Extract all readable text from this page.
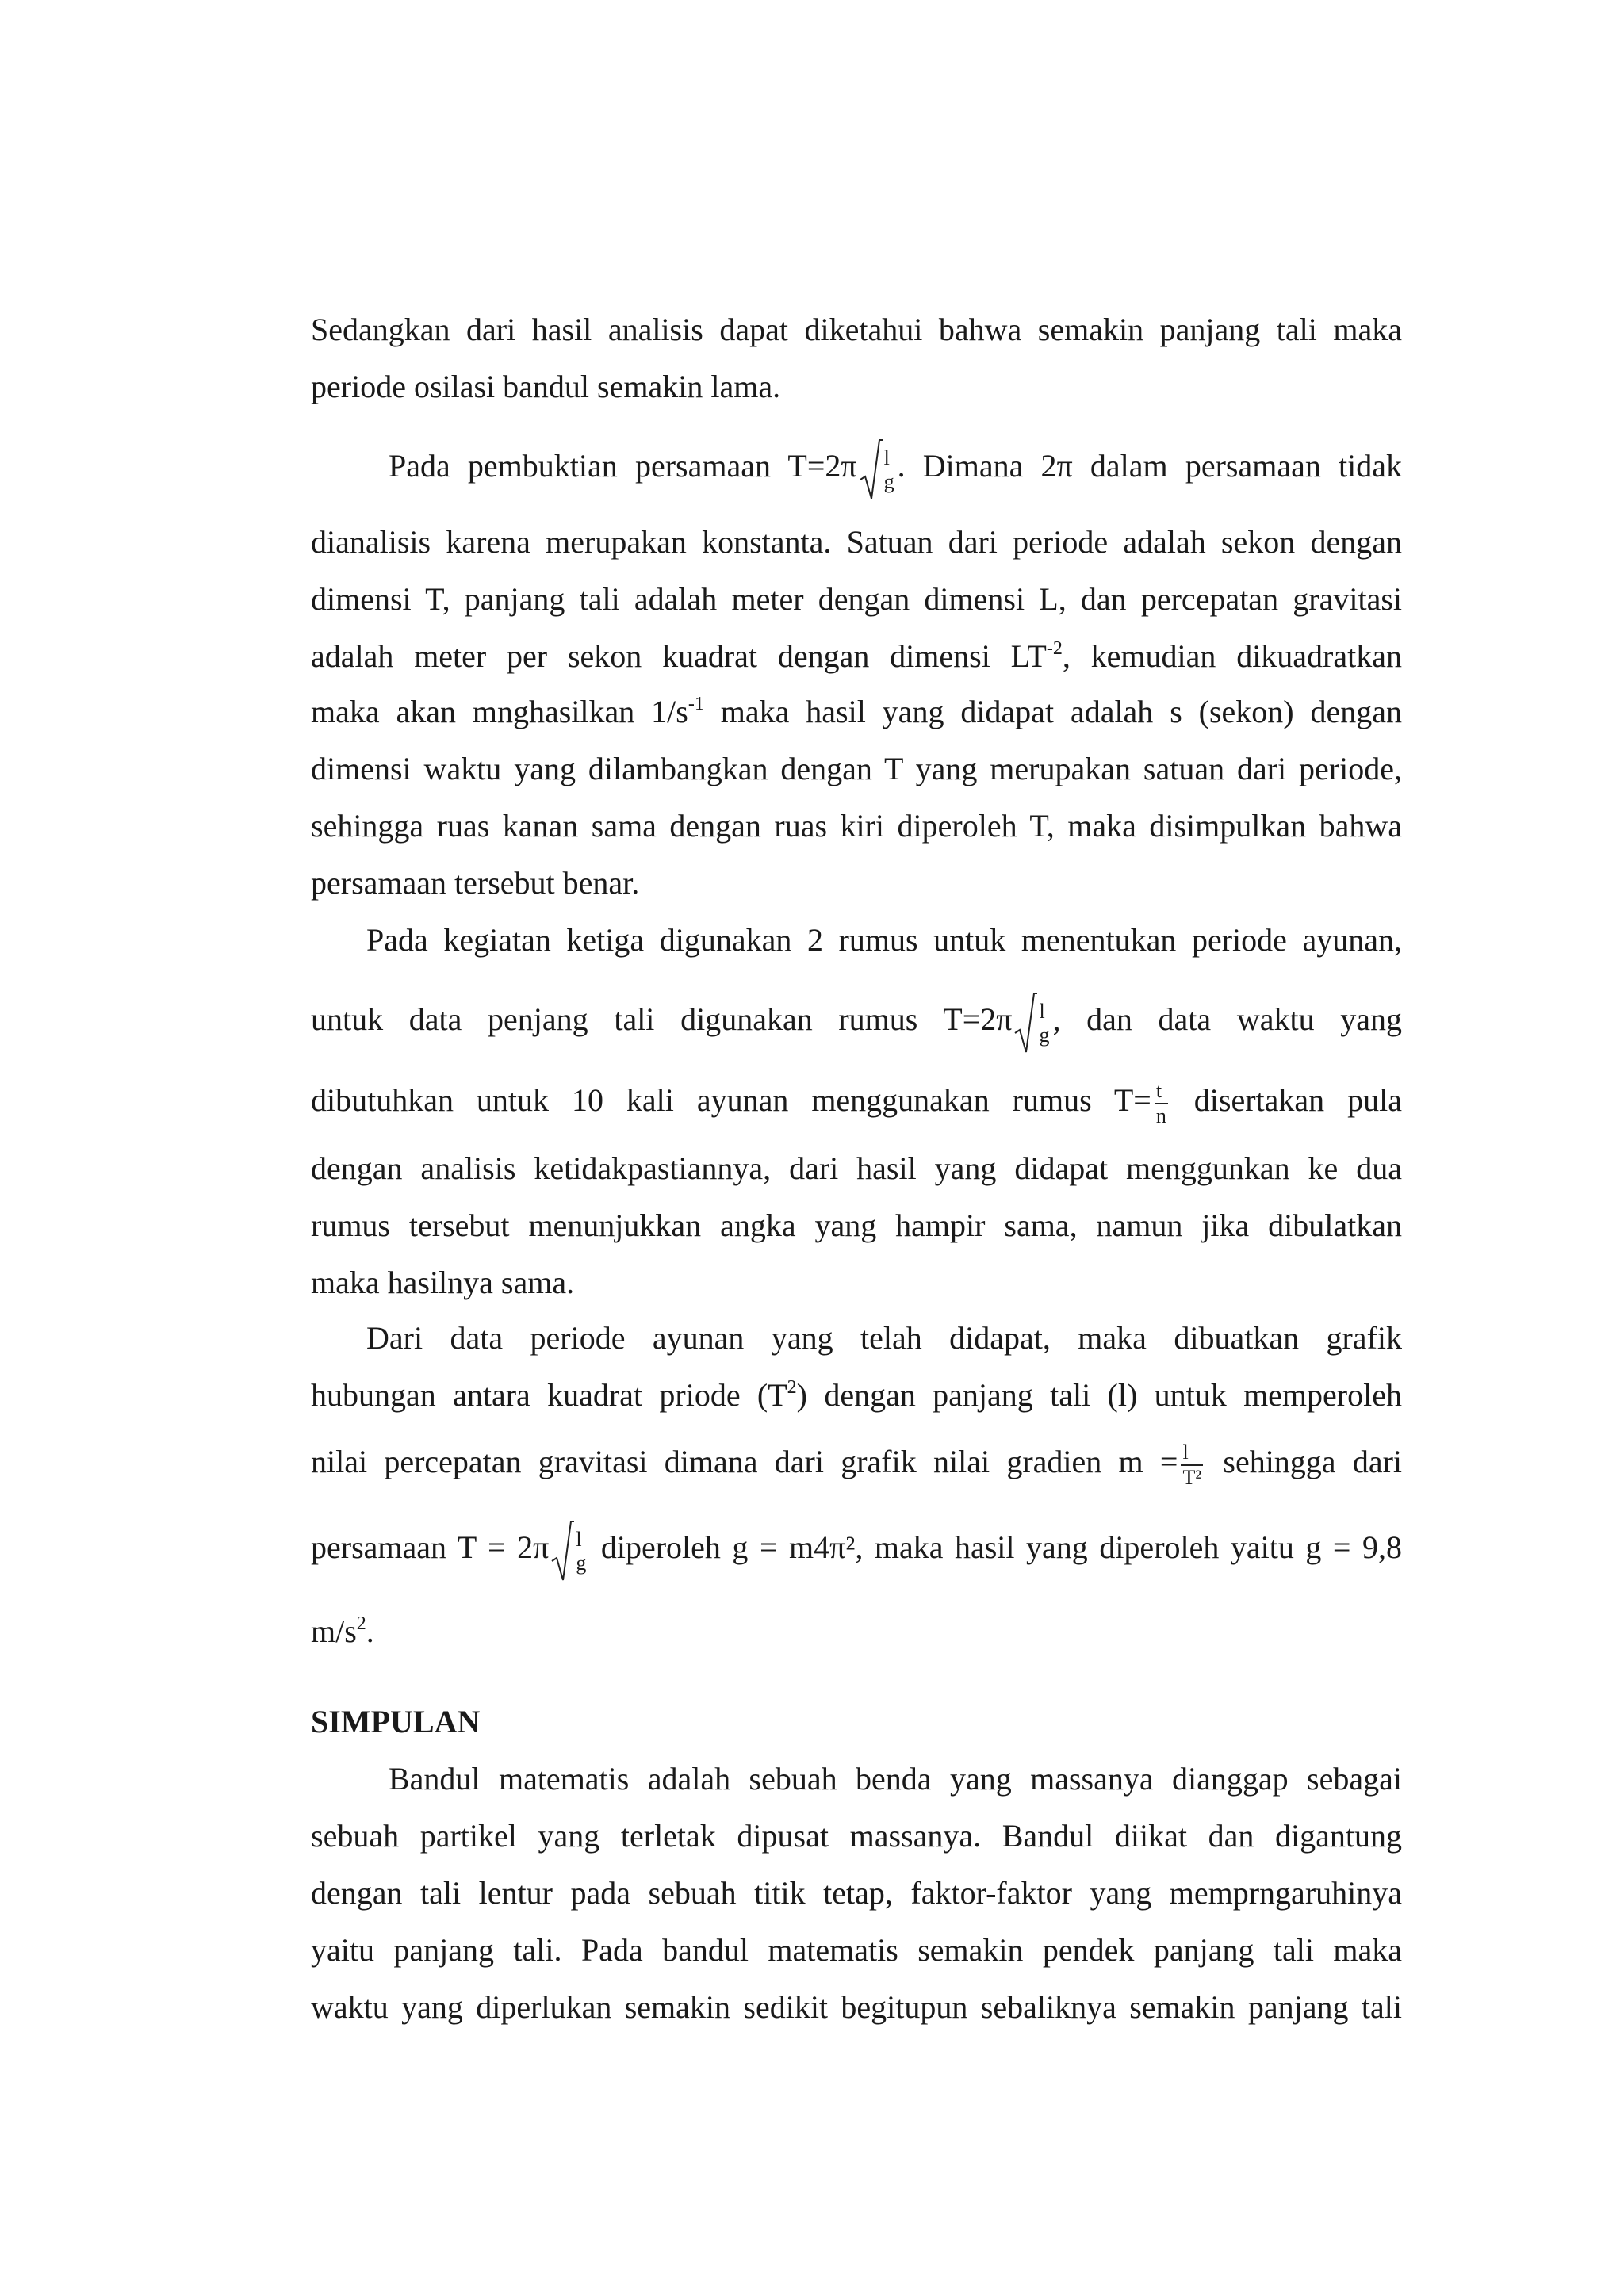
Sedangkan dari hasil analisis dapat diketahui bahwa semakin panjang tali maka
periode osilasi bandul semakin lama.
Pada pembuktian persamaan T=2π l
g . Dimana 2π dalam persamaan tidak
dianalisis karena merupakan konstanta. Satuan dari periode adalah sekon dengan
dimensi T, panjang tali adalah meter dengan dimensi L, dan percepatan gravitasi
adalah meter per sekon kuadrat dengan dimensi $LT^{-2}$, kemudian dikuadratkan
maka akan mnghasilkan $1/s^{-1}$ maka hasil yang didapat adalah s (sekon) dengan
dimensi waktu yang dilambangkan dengan T yang merupakan satuan dari periode,
sehingga ruas kanan sama dengan ruas kiri diperoleh T, maka disimpulkan bahwa
persamaan tersebut benar.
Pada kegiatan ketiga digunakan 2 rumus untuk menentukan periode ayunan,
untuk data penjang tali digunakan rumus T=2π l
g , dan data waktu yang
dibutuhkan untuk 10 kali ayunan menggunakan rumus $T= \frac{t}{n}$ disertakan pula
dengan analisis ketidakpastiannya, dari hasil yang didapat menggunkan ke dua
rumus tersebut menunjukkan angka yang hampir sama, namun jika dibulatkan
maka hasilnya sama.
Dari data periode ayunan yang telah didapat, maka dibuatkan grafik
hubungan antara kuadrat priode $(T^2)$ dengan panjang tali (l) untuk memperoleh
nilai percepatan gravitasi dimana dari grafik nilai gradien $m = \frac{l}{\text{T²}}$ sehingga dari
persamaan T = 2π l
g diperoleh g = m4π², maka hasil yang diperoleh yaitu g = 9,8
$m/s^2$.
SIMPULAN
Bandul matematis adalah sebuah benda yang massanya dianggap sebagai
sebuah partikel yang terletak dipusat massanya. Bandul diikat dan digantung
dengan tali lentur pada sebuah titik tetap, faktor-faktor yang memprngaruhinya
yaitu panjang tali. Pada bandul matematis semakin pendek panjang tali maka
waktu yang diperlukan semakin sedikit begitupun sebaliknya semakin panjang tali
